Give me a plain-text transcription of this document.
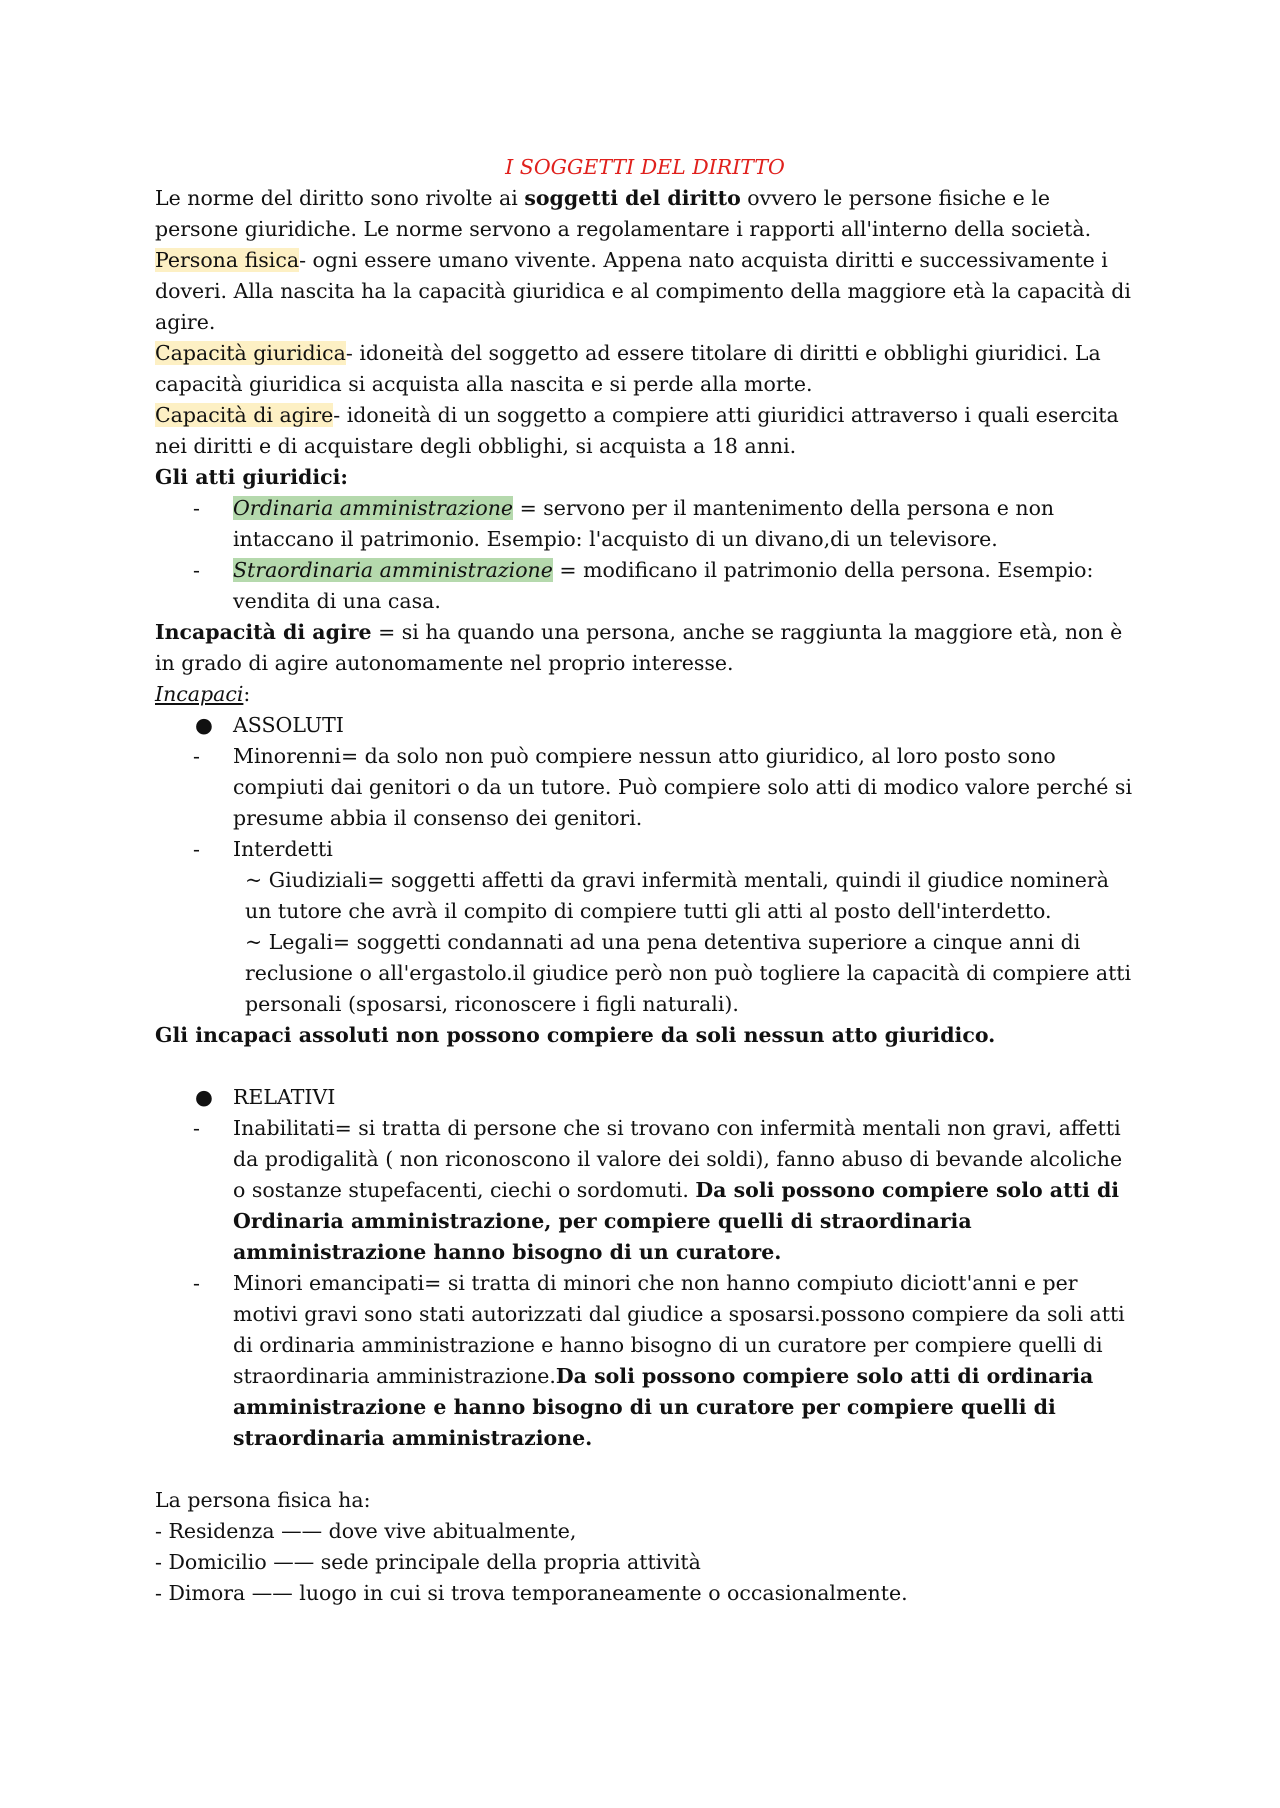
I SOGGETTI DEL DIRITTO

Le norme del diritto sono rivolte ai soggetti del diritto ovvero le persone fisiche e le persone giuridiche. Le norme servono a regolamentare i rapporti all'interno della società.

Persona fisica- ogni essere umano vivente. Appena nato acquista diritti e successivamente i doveri. Alla nascita ha la capacità giuridica e al compimento della maggiore età la capacità di agire.

Capacità giuridica- idoneità del soggetto ad essere titolare di diritti e obblighi giuridici. La capacità giuridica si acquista alla nascita e si perde alla morte.

Capacità di agire- idoneità di un soggetto a compiere atti giuridici attraverso i quali esercita nei diritti e di acquistare degli obblighi, si acquista a 18 anni.

Gli atti giuridici:

- Ordinaria amministrazione = servono per il mantenimento della persona e non intaccano il patrimonio. Esempio: l'acquisto di un divano,di un televisore.
- Straordinaria amministrazione = modificano il patrimonio della persona. Esempio: vendita di una casa.

Incapacità di agire = si ha quando una persona, anche se raggiunta la maggiore età, non è in grado di agire autonomamente nel proprio interesse.

Incapaci:

● ASSOLUTI
- Minorenni= da solo non può compiere nessun atto giuridico, al loro posto sono compiuti dai genitori o da un tutore. Può compiere solo atti di modico valore perché si presume abbia il consenso dei genitori.
- Interdetti

~ Giudiziali= soggetti affetti da gravi infermità mentali, quindi il giudice nominerà un tutore che avrà il compito di compiere tutti gli atti al posto dell'interdetto.

~ Legali= soggetti condannati ad una pena detentiva superiore a cinque anni di reclusione o all'ergastolo.il giudice però non può togliere la capacità di compiere atti personali (sposarsi, riconoscere i figli naturali).

Gli incapaci assoluti non possono compiere da soli nessun atto giuridico.

● RELATIVI
- Inabilitati= si tratta di persone che si trovano con infermità mentali non gravi, affetti da prodigalità ( non riconoscono il valore dei soldi), fanno abuso di bevande alcoliche o sostanze stupefacenti, ciechi o sordomuti. Da soli possono compiere solo atti di Ordinaria amministrazione, per compiere quelli di straordinaria amministrazione hanno bisogno di un curatore.
- Minori emancipati= si tratta di minori che non hanno compiuto diciott'anni e per motivi gravi sono stati autorizzati dal giudice a sposarsi.possono compiere da soli atti di ordinaria amministrazione e hanno bisogno di un curatore per compiere quelli di straordinaria amministrazione.Da soli possono compiere solo atti di ordinaria amministrazione e hanno bisogno di un curatore per compiere quelli di straordinaria amministrazione.

La persona fisica ha:

- Residenza —— dove vive abitualmente,

- Domicilio —— sede principale della propria attività

- Dimora —— luogo in cui si trova temporaneamente o occasionalmente.
